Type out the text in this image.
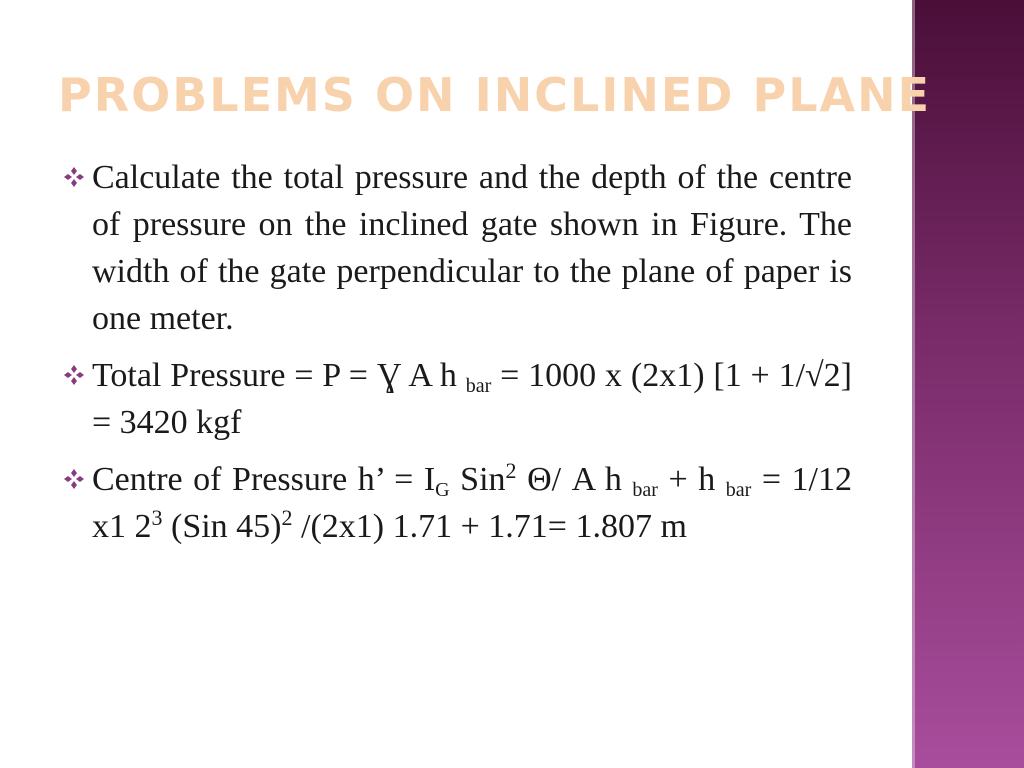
PROBLEMS ON INCLINED PLANE
Calculate the total pressure and the depth of the centre of pressure on the inclined gate shown in Figure. The width of the gate perpendicular to the plane of paper is one meter.
Total Pressure = P = Ɣ A h $_{bar}$ = 1000 x (2x1) [1 + 1/√2] = 3420 kgf
Centre of Pressure h’ = $I_G$ Sin$^2$ Θ/ A h $_{bar}$ + h $_{bar}$ = 1/12 x1 $2^3$ (Sin 45)$^2$ /(2x1) 1.71 + 1.71= 1.807 m
